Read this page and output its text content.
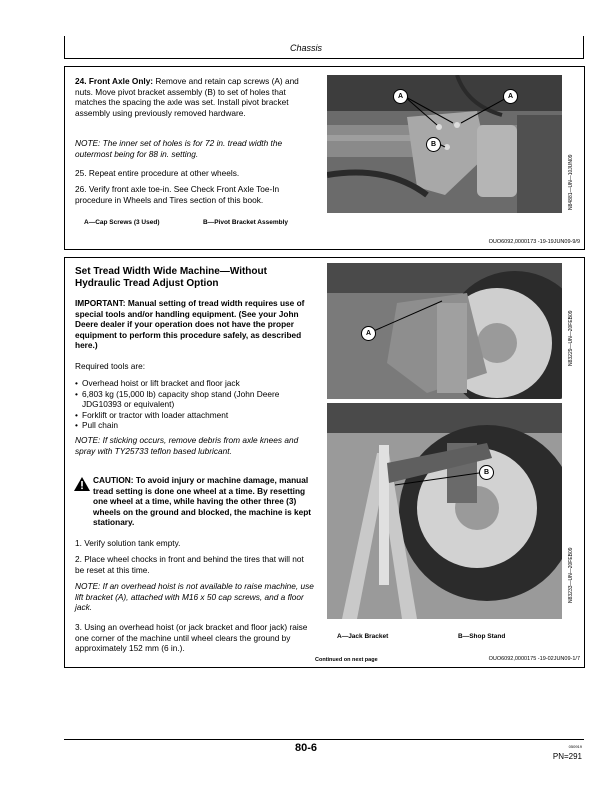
Chassis
24. Front Axle Only: Remove and retain cap screws (A) and nuts. Move pivot bracket assembly (B) to set of holes that matches the spacing the axle was set. Install pivot bracket assembly using previously removed hardware.
NOTE: The inner set of holes is for 72 in. tread width the outermost being for 88 in. setting.
25. Repeat entire procedure at other wheels.
26. Verify front axle toe-in. See Check Front Axle Toe-In procedure in Wheels and Tires section of this book.
A—Cap Screws (3 Used)	B—Pivot Bracket Assembly
A	A
B
N84881—UN—10JUN09
OUO6092,0000173 -19-19JUN09-9/9
Set Tread Width Wide Machine—Without Hydraulic Tread Adjust Option
IMPORTANT: Manual setting of tread width requires use of special tools and/or handling equipment. (See your John Deere dealer if your operation does not have the proper equipment to perform this procedure safely, as described here.)
Required tools are:
• Overhead hoist or lift bracket and floor jack
• 6,803 kg (15,000 lb) capacity shop stand (John Deere JDG10393 or equivalent)
• Forklift or tractor with loader attachment
• Pull chain
NOTE: If sticking occurs, remove debris from axle knees and spray with TY25733 teflon based lubricant.
CAUTION: To avoid injury or machine damage, manual tread setting is done one wheel at a time. By resetting one wheel at a time, while having the other three (3) wheels on the ground and blocked, the machine is kept stationary.
1. Verify solution tank empty.
2. Place wheel chocks in front and behind the tires that will not be reset at this time.
NOTE: If an overhead hoist is not available to raise machine, use lift bracket (A), attached with M16 x 50 cap screws, and a floor jack.
3. Using an overhead hoist (or jack bracket and floor jack) raise one corner of the machine until wheel clears the ground by approximately 152 mm (6 in.).
A
B
N83229—UN—20FEB09
N83233—UN—20FEB09
A—Jack Bracket	B—Shop Stand
Continued on next page	OUO6092,0000175 -19-02JUN09-1/7
80-6	050919
PN=291
